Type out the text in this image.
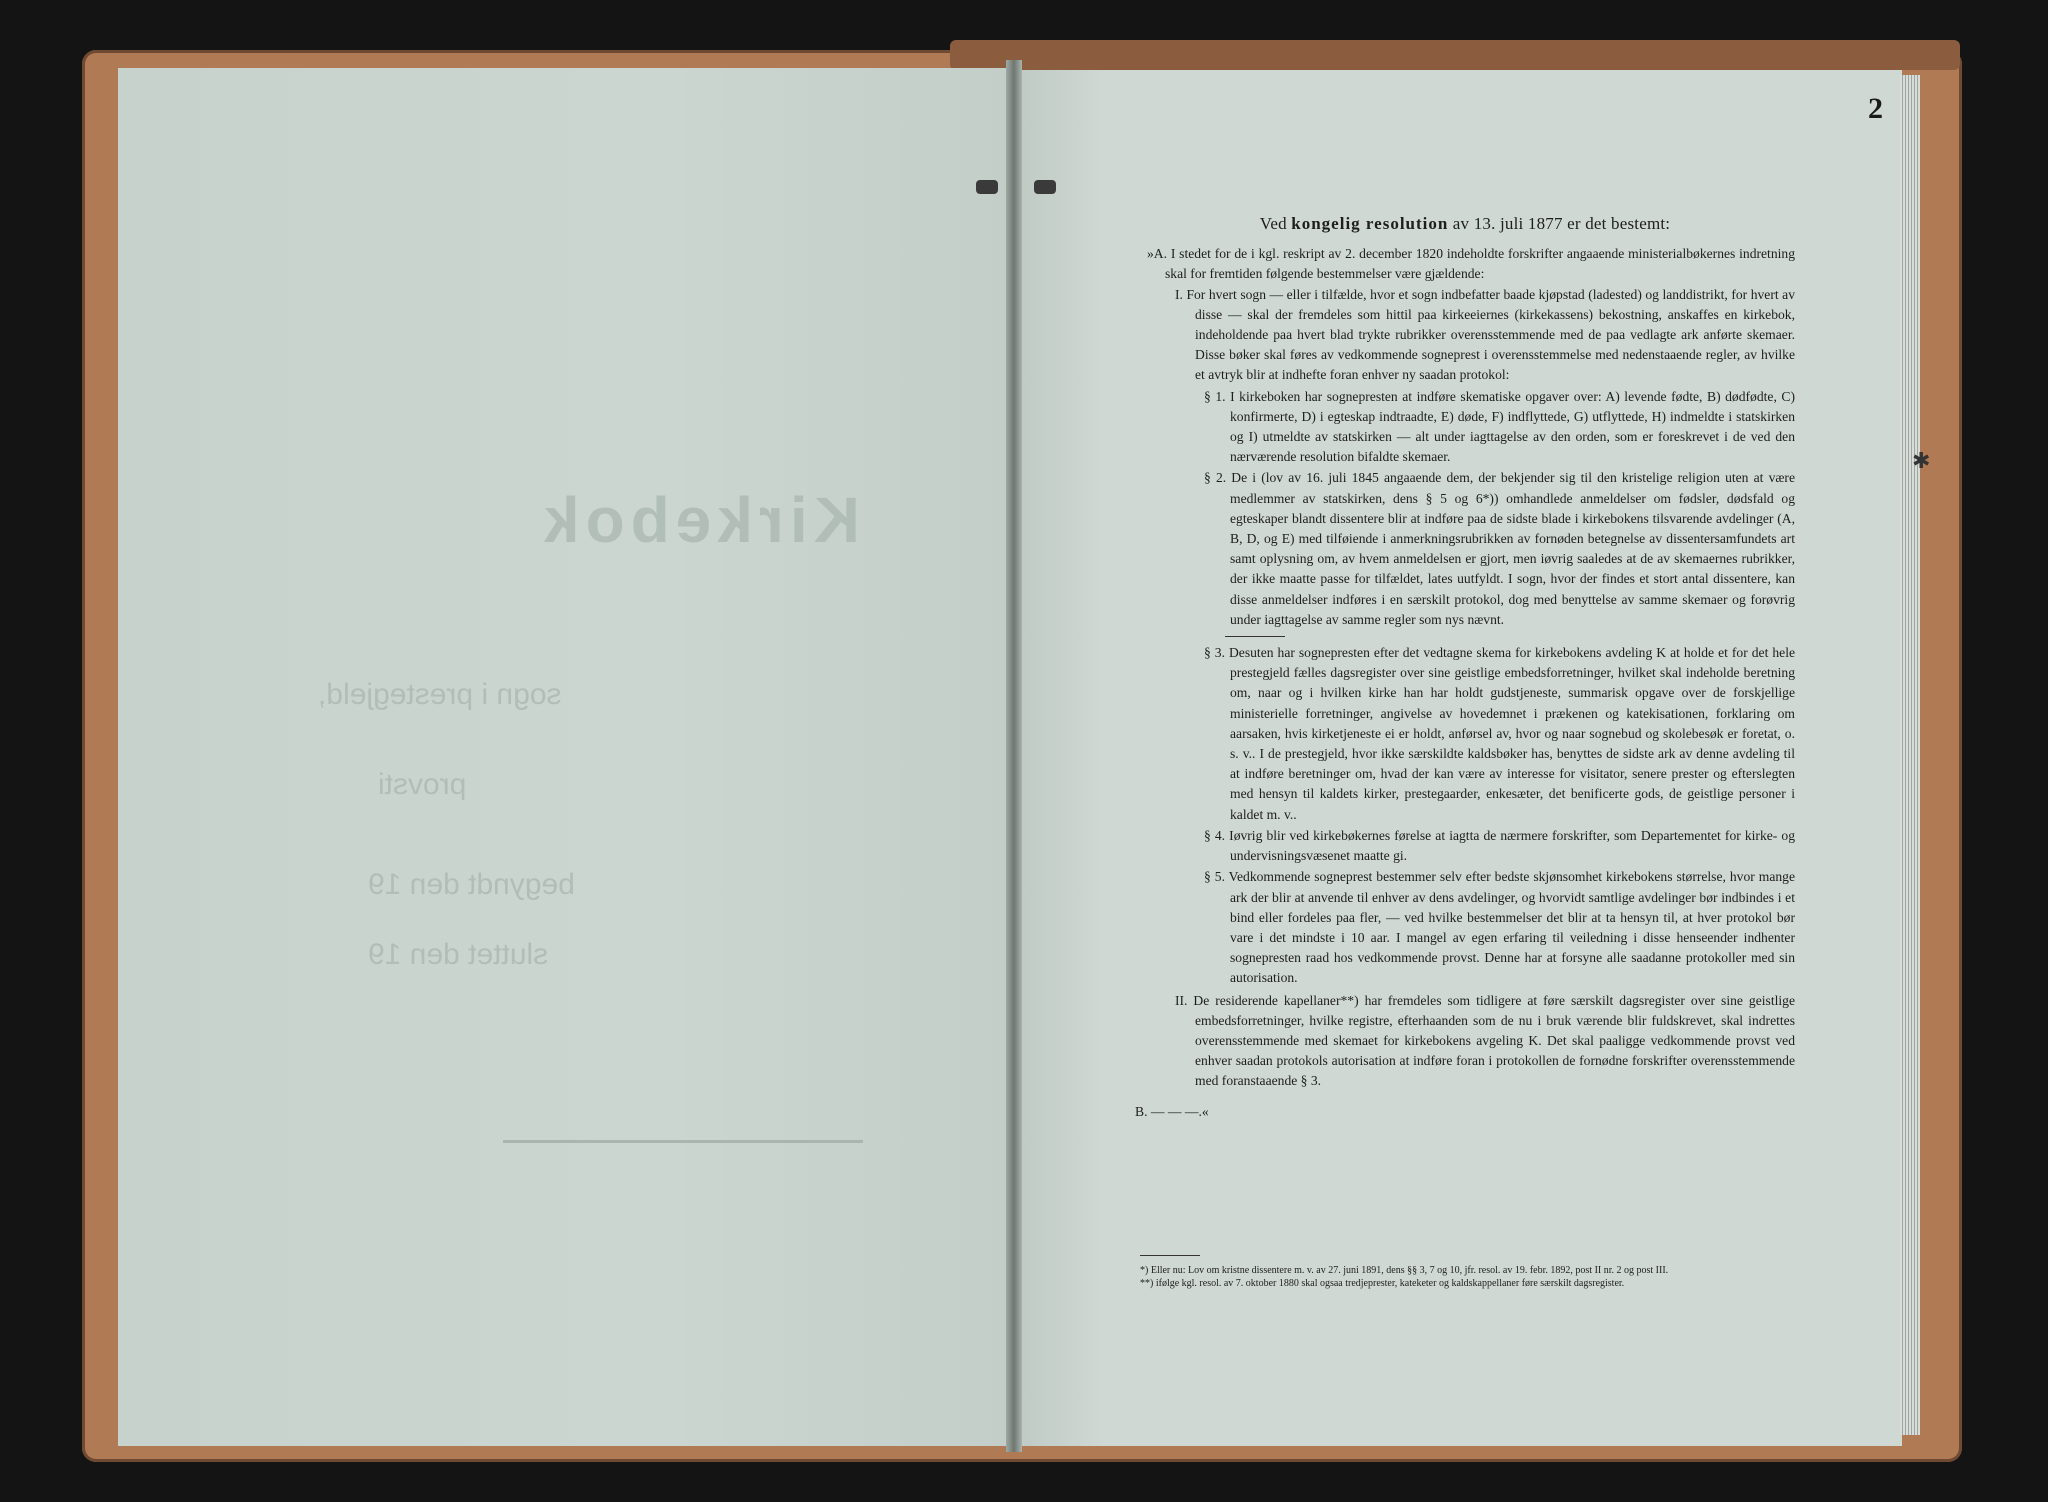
Kirkebok
sogn i prestegjeld,
provsti
begyndt den 19
sluttet den 19
2
Ved kongelig resolution av 13. juli 1877 er det bestemt:

»A. I stedet for de i kgl. reskript av 2. december 1820 indeholdte forskrifter angaaende ministerialbøkernes indretning skal for fremtiden følgende bestemmelser være gjældende:

I. For hvert sogn — eller i tilfælde, hvor et sogn indbefatter baade kjøpstad (ladested) og landdistrikt, for hvert av disse — skal der fremdeles som hittil paa kirkeeiernes (kirkekassens) bekostning, anskaffes en kirkebok, indeholdende paa hvert blad trykte rubrikker overensstemmende med de paa vedlagte ark anførte skemaer. Disse bøker skal føres av vedkommende sogneprest i overensstemmelse med nedenstaaende regler, av hvilke et avtryk blir at indhefte foran enhver ny saadan protokol:

§ 1. I kirkeboken har sognepresten at indføre skematiske opgaver over: A) levende fødte, B) dødfødte, C) konfirmerte, D) i egteskap indtraadte, E) døde, F) indflyttede, G) utflyttede, H) indmeldte i statskirken og I) utmeldte av statskirken — alt under iagttagelse av den orden, som er foreskrevet i de ved den nærværende resolution bifaldte skemaer.

§ 2. De i (lov av 16. juli 1845 angaaende dem, der bekjender sig til den kristelige religion uten at være medlemmer av statskirken, dens § 5 og 6*)) omhandlede anmeldelser om fødsler, dødsfald og egteskaper blandt dissentere blir at indføre paa de sidste blade i kirkebokens tilsvarende avdelinger (A, B, D, og E) med tilføiende i anmerkningsrubrikken av fornøden betegnelse av dissentersamfundets art samt oplysning om, av hvem anmeldelsen er gjort, men iøvrig saaledes at de av skemaernes rubrikker, der ikke maatte passe for tilfældet, lates uutfyldt. I sogn, hvor der findes et stort antal dissentere, kan disse anmeldelser indføres i en særskilt protokol, dog med benyttelse av samme skemaer og forøvrig under iagttagelse av samme regler som nys nævnt.

§ 3. Desuten har sognepresten efter det vedtagne skema for kirkebokens avdeling K at holde et for det hele prestegjeld fælles dagsregister over sine geistlige embedsforretninger, hvilket skal indeholde beretning om, naar og i hvilken kirke han har holdt gudstjeneste, summarisk opgave over de forskjellige ministerielle forretninger, angivelse av hovedemnet i prækenen og katekisationen, forklaring om aarsaken, hvis kirketjeneste ei er holdt, anførsel av, hvor og naar sognebud og skolebesøk er foretat, o. s. v.. I de prestegjeld, hvor ikke særskildte kaldsbøker has, benyttes de sidste ark av denne avdeling til at indføre beretninger om, hvad der kan være av interesse for visitator, senere prester og efterslegten med hensyn til kaldets kirker, prestegaarder, enkesæter, det benificerte gods, de geistlige personer i kaldet m. v..

§ 4. Iøvrig blir ved kirkebøkernes førelse at iagtta de nærmere forskrifter, som Departementet for kirke- og undervisningsvæsenet maatte gi.

§ 5. Vedkommende sogneprest bestemmer selv efter bedste skjønsomhet kirkebokens størrelse, hvor mange ark der blir at anvende til enhver av dens avdelinger, og hvorvidt samtlige avdelinger bør indbindes i et bind eller fordeles paa fler, — ved hvilke bestemmelser det blir at ta hensyn til, at hver protokol bør vare i det mindste i 10 aar. I mangel av egen erfaring til veiledning i disse henseender indhenter sognepresten raad hos vedkommende provst. Denne har at forsyne alle saadanne protokoller med sin autorisation.

II. De residerende kapellaner**) har fremdeles som tidligere at føre særskilt dagsregister over sine geistlige embedsforretninger, hvilke registre, efterhaanden som de nu i bruk værende blir fuldskrevet, skal indrettes overensstemmende med skemaet for kirkebokens avgeling K. Det skal paaligge vedkommende provst ved enhver saadan protokols autorisation at indføre foran i protokollen de fornødne forskrifter overensstemmende med foranstaaende § 3.

B. — — —.«

*) Eller nu: Lov om kristne dissentere m. v. av 27. juni 1891, dens §§ 3, 7 og 10, jfr. resol. av 19. febr. 1892, post II nr. 2 og post III.
**) ifølge kgl. resol. av 7. oktober 1880 skal ogsaa tredjeprester, kateketer og kaldskappellaner føre særskilt dagsregister.
✱
